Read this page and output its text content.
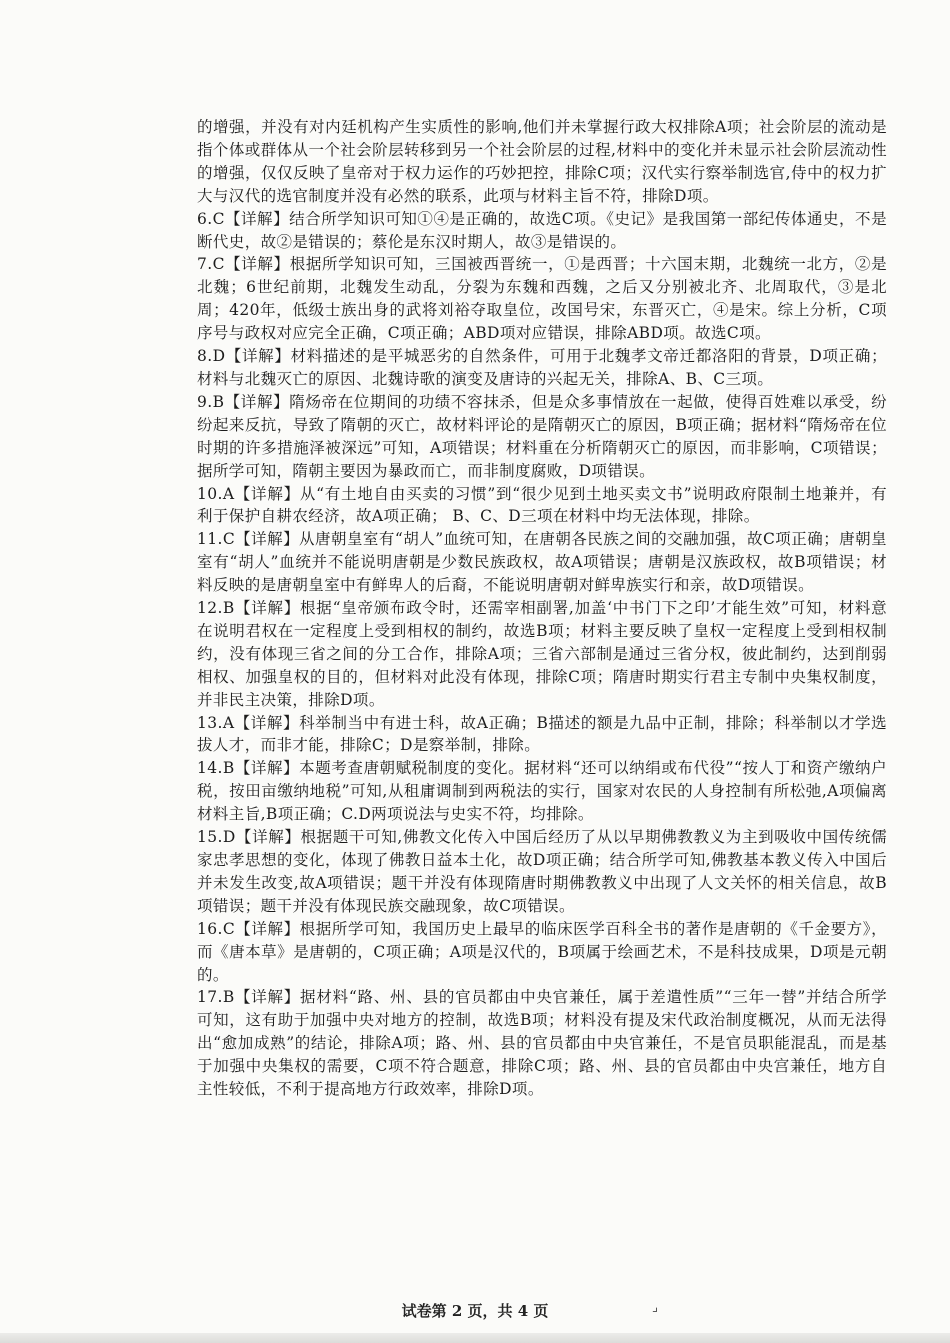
的增强，并没有对内廷机构产生实质性的影响,他们并未掌握行政大权排除A项；社会阶层的流动是指个体或群体从一个社会阶层转移到另一个社会阶层的过程,材料中的变化并未显示社会阶层流动性的增强，仅仅反映了皇帝对于权力运作的巧妙把控，排除C项；汉代实行察举制选官,侍中的权力扩大与汉代的选官制度并没有必然的联系，此项与材料主旨不符，排除D项。

6.C【详解】结合所学知识可知①④是正确的，故选C项。《史记》是我国第一部纪传体通史，不是断代史，故②是错误的；蔡伦是东汉时期人，故③是错误的。

7.C【详解】根据所学知识可知，三国被西晋统一，①是西晋；十六国末期，北魏统一北方，②是北魏；6世纪前期，北魏发生动乱，分裂为东魏和西魏，之后又分别被北齐、北周取代，③是北周；420年，低级士族出身的武将刘裕夺取皇位，改国号宋，东晋灭亡，④是宋。综上分析，C项序号与政权对应完全正确，C项正确；ABD项对应错误，排除ABD项。故选C项。

8.D【详解】材料描述的是平城恶劣的自然条件，可用于北魏孝文帝迁都洛阳的背景，D项正确；材料与北魏灭亡的原因、北魏诗歌的演变及唐诗的兴起无关，排除A、B、C三项。

9.B【详解】隋炀帝在位期间的功绩不容抹杀，但是众多事情放在一起做，使得百姓难以承受，纷纷起来反抗，导致了隋朝的灭亡，故材料评论的是隋朝灭亡的原因，B项正确；据材料“隋炀帝在位时期的许多措施泽被深远”可知，A项错误；材料重在分析隋朝灭亡的原因，而非影响，C项错误；据所学可知，隋朝主要因为暴政而亡，而非制度腐败，D项错误。

10.A【详解】从“有土地自由买卖的习惯”到“很少见到土地买卖文书”说明政府限制土地兼并，有利于保护自耕农经济，故A项正确； B、C、D三项在材料中均无法体现，排除。

11.C【详解】从唐朝皇室有“胡人”血统可知，在唐朝各民族之间的交融加强，故C项正确；唐朝皇室有“胡人”血统并不能说明唐朝是少数民族政权，故A项错误；唐朝是汉族政权，故B项错误；材料反映的是唐朝皇室中有鲜卑人的后裔，不能说明唐朝对鲜卑族实行和亲，故D项错误。

12.B【详解】根据“皇帝颁布政令时，还需宰相副署,加盖‘中书门下之印’才能生效”可知，材料意在说明君权在一定程度上受到相权的制约，故选B项；材料主要反映了皇权一定程度上受到相权制约，没有体现三省之间的分工合作，排除A项；三省六部制是通过三省分权，彼此制约，达到削弱相权、加强皇权的目的，但材料对此没有体现，排除C项；隋唐时期实行君主专制中央集权制度，并非民主决策，排除D项。

13.A【详解】科举制当中有进士科，故A正确；B描述的额是九品中正制，排除；科举制以才学选拔人才，而非才能，排除C；D是察举制，排除。

14.B【详解】本题考查唐朝赋税制度的变化。据材料“还可以纳绢或布代役”“按人丁和资产缴纳户税，按田亩缴纳地税”可知,从租庸调制到两税法的实行，国家对农民的人身控制有所松弛,A项偏离材料主旨,B项正确；C.D两项说法与史实不符，均排除。

15.D【详解】根据题干可知,佛教文化传入中国后经历了从以早期佛教教义为主到吸收中国传统儒家忠孝思想的变化，体现了佛教日益本土化，故D项正确；结合所学可知,佛教基本教义传入中国后并未发生改变,故A项错误；题干并没有体现隋唐时期佛教教义中出现了人文关怀的相关信息，故B项错误；题干并没有体现民族交融现象，故C项错误。

16.C【详解】根据所学可知，我国历史上最早的临床医学百科全书的著作是唐朝的《千金要方》，而《唐本草》是唐朝的，C项正确；A项是汉代的，B项属于绘画艺术，不是科技成果，D项是元朝的。

17.B【详解】据材料“路、州、县的官员都由中央官兼任，属于差遣性质”“三年一替”并结合所学可知，这有助于加强中央对地方的控制，故选B项；材料没有提及宋代政治制度概况，从而无法得出“愈加成熟”的结论，排除A项；路、州、县的官员都由中央官兼任，不是官员职能混乱，而是基于加强中央集权的需要，C项不符合题意，排除C项；路、州、县的官员都由中央宫兼任，地方自主性较低，不利于提高地方行政效率，排除D项。

试卷第 2 页，共 4 页	⌟
